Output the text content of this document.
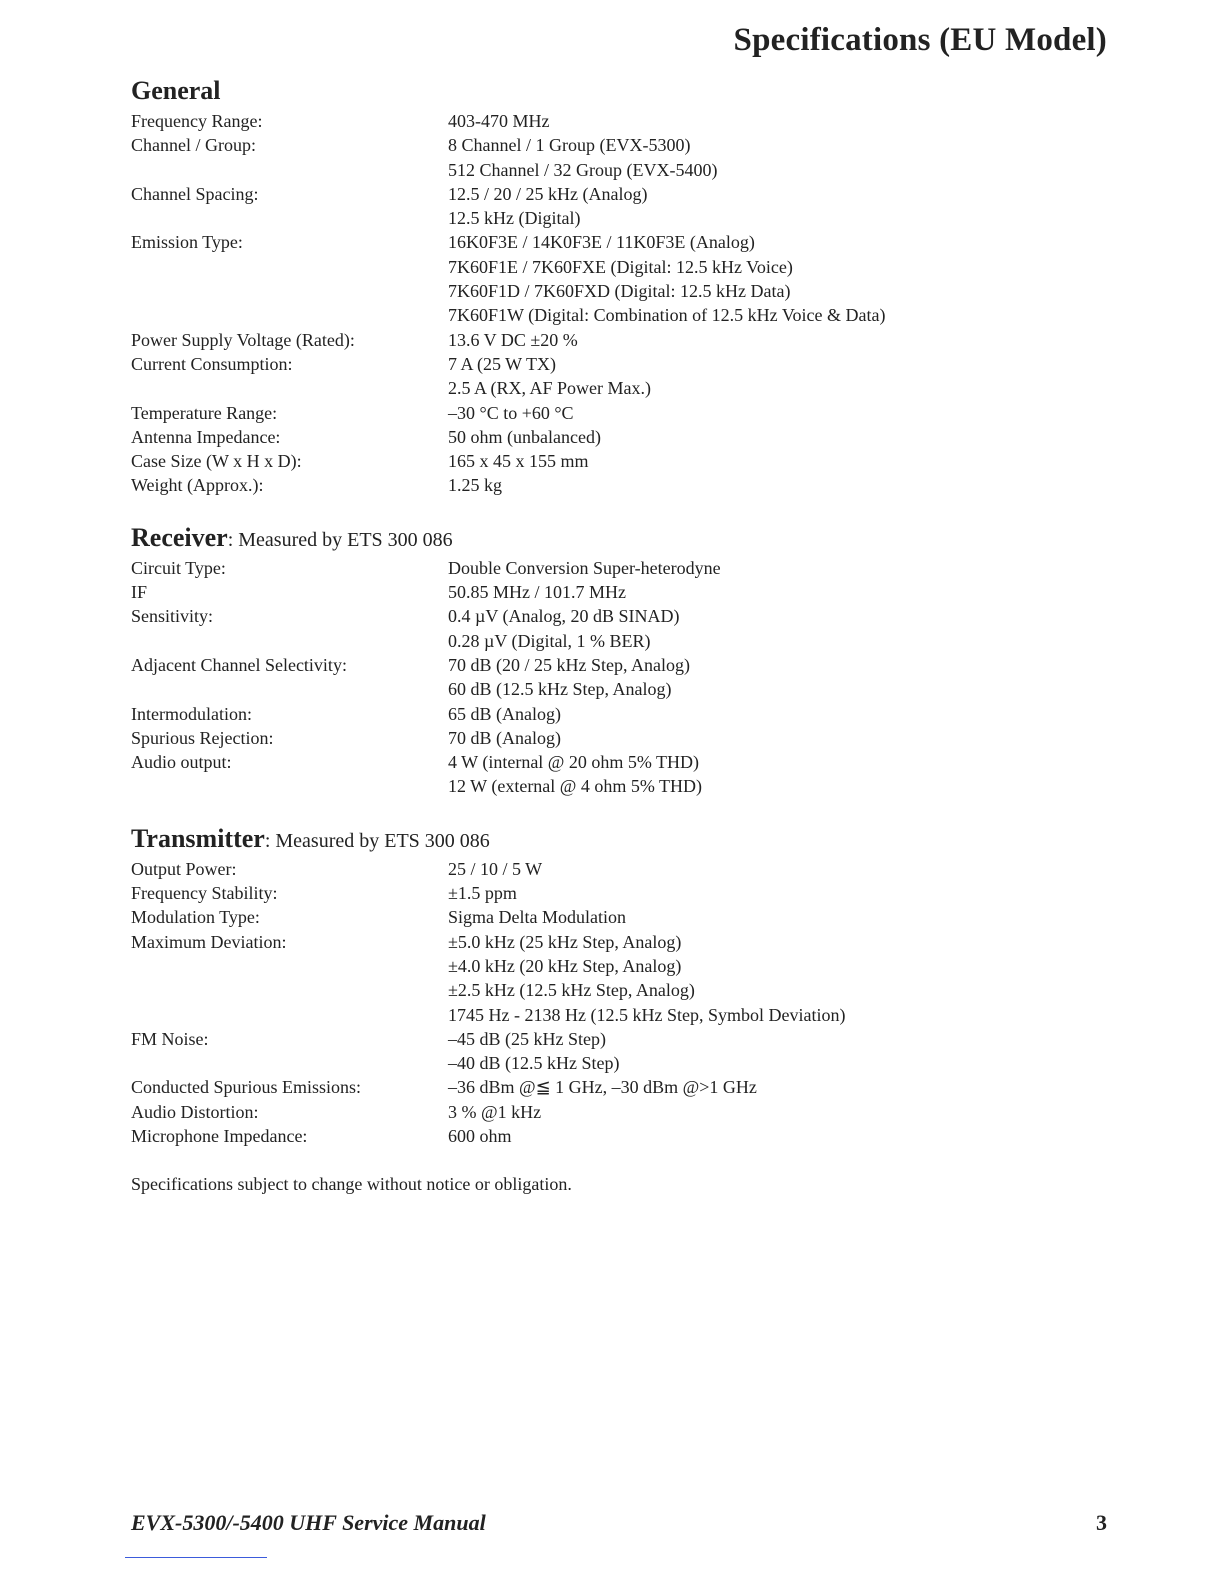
Specifications (EU Model)
General
Frequency Range:	403-470 MHz
Channel / Group:	8 Channel / 1 Group (EVX-5300)
512 Channel / 32 Group (EVX-5400)
Channel Spacing:	12.5 / 20 / 25 kHz (Analog)
12.5 kHz (Digital)
Emission Type:	16K0F3E / 14K0F3E / 11K0F3E (Analog)
7K60F1E / 7K60FXE (Digital: 12.5 kHz Voice)
7K60F1D / 7K60FXD (Digital: 12.5 kHz Data)
7K60F1W (Digital: Combination of 12.5 kHz Voice & Data)
Power Supply Voltage (Rated):	13.6 V DC ±20 %
Current Consumption:	7 A (25 W TX)
2.5 A (RX, AF Power Max.)
Temperature Range:	–30 °C to +60 °C
Antenna Impedance:	50 ohm (unbalanced)
Case Size (W x H x D):	165 x 45 x 155 mm
Weight (Approx.):	1.25 kg
Receiver: Measured by ETS 300 086
Circuit Type:	Double Conversion Super-heterodyne
IF	50.85 MHz / 101.7 MHz
Sensitivity:	0.4 µV (Analog, 20 dB SINAD)
0.28 µV (Digital, 1 % BER)
Adjacent Channel Selectivity:	70 dB (20 / 25 kHz Step, Analog)
60 dB (12.5 kHz Step, Analog)
Intermodulation:	65 dB (Analog)
Spurious Rejection:	70 dB (Analog)
Audio output:	4 W (internal @ 20 ohm 5% THD)
12 W (external @ 4 ohm 5% THD)
Transmitter: Measured by ETS 300 086
Output Power:	25 / 10 / 5 W
Frequency Stability:	±1.5 ppm
Modulation Type:	Sigma Delta Modulation
Maximum Deviation:	±5.0 kHz (25 kHz Step, Analog)
±4.0 kHz (20 kHz Step, Analog)
±2.5 kHz (12.5 kHz Step, Analog)
1745 Hz - 2138 Hz (12.5 kHz Step, Symbol Deviation)
FM Noise:	–45 dB (25 kHz Step)
–40 dB (12.5 kHz Step)
Conducted Spurious Emissions:	–36 dBm @≦ 1 GHz, –30 dBm @>1 GHz
Audio Distortion:	3 % @1 kHz
Microphone Impedance:	600 ohm

Specifications subject to change without notice or obligation.

EVX-5300/-5400 UHF Service Manual	3
